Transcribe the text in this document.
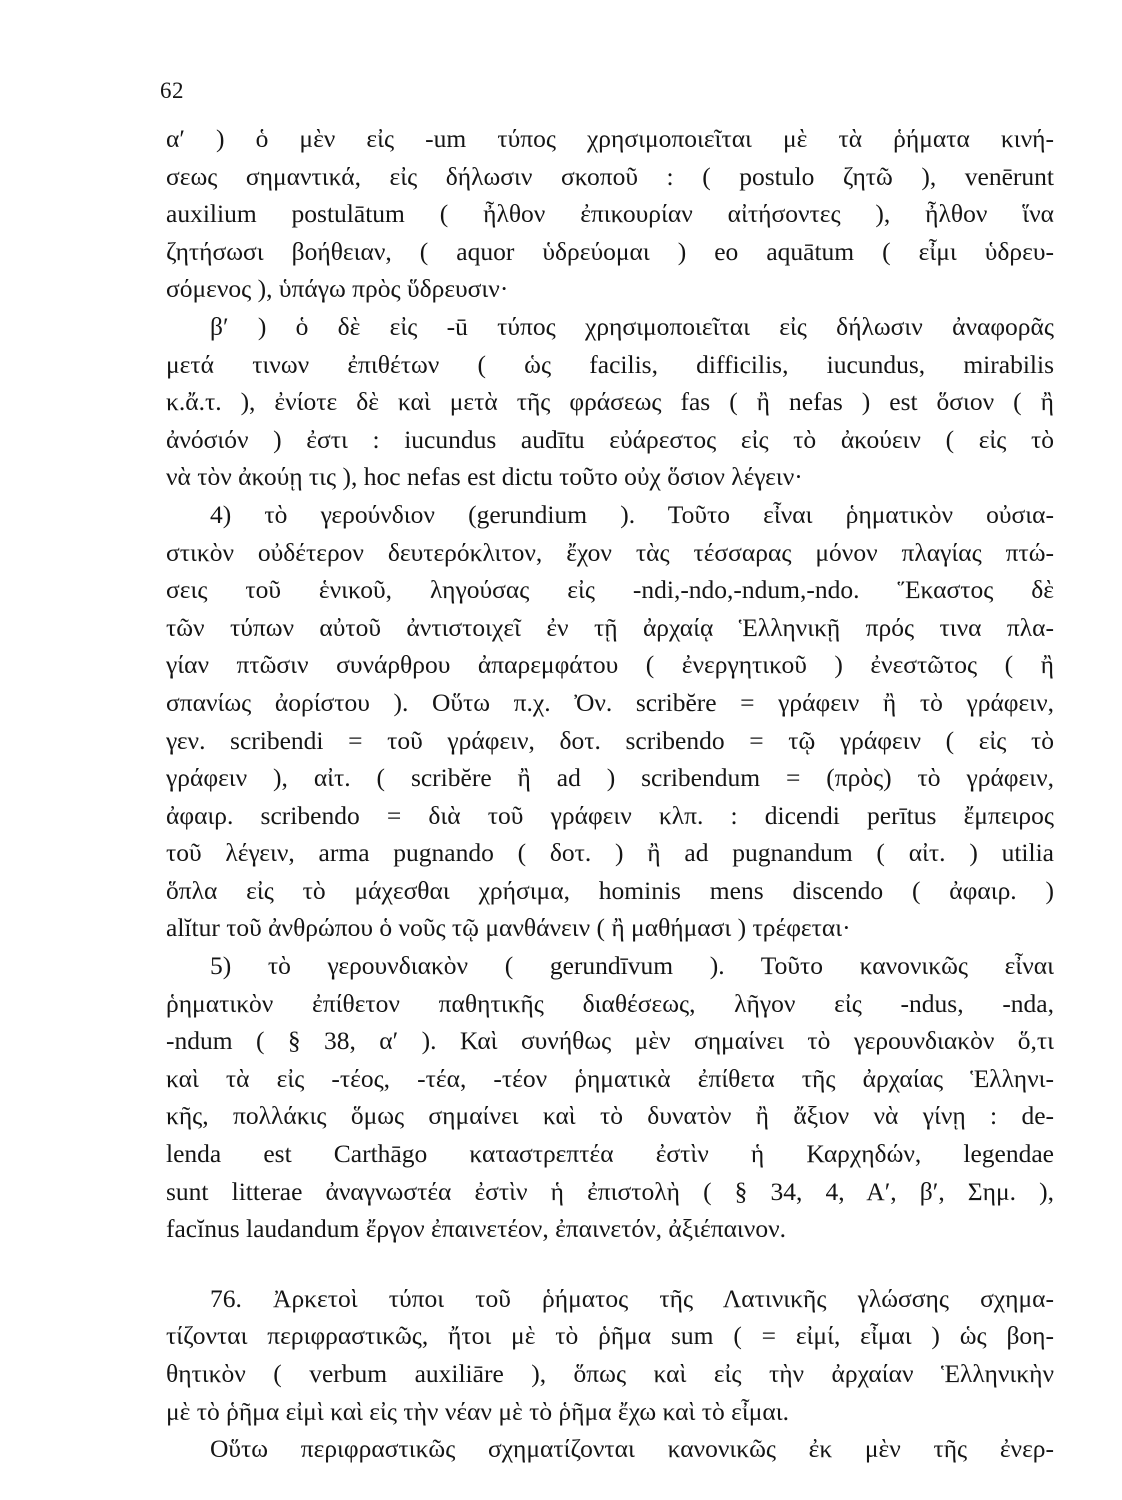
62
α′ ) ὁ μὲν εἰς -um τύπος χρησιμοποιεῖται μὲ τὰ ῥήματα κινή-
σεως σημαντικά, εἰς δήλωσιν σκοποῦ : ( postulo ζητῶ ), venērunt
auxilium postulātum ( ἦλθον ἐπικουρίαν αἰτήσοντες ), ἦλθον ἵνα
ζητήσωσι βοήθειαν, ( aquor ὑδρεύομαι ) eo aquātum ( εἶμι ὑδρευ-
σόμενος ), ὑπάγω πρὸς ὕδρευσιν·
β′ ) ὁ δὲ εἰς -ū τύπος χρησιμοποιεῖται εἰς δήλωσιν ἀναφορᾶς
μετά τινων ἐπιθέτων ( ὡς facilis, difficilis, iucundus, mirabilis
κ.ἄ.τ. ), ἐνίοτε δὲ καὶ μετὰ τῆς φράσεως fas ( ἢ nefas ) est ὅσιον ( ἢ
ἀνόσιόν ) ἐστι : iucundus audītu εὐάρεστος εἰς τὸ ἀκούειν ( εἰς τὸ
νὰ τὸν ἀκούῃ τις ), hoc nefas est dictu τοῦτο οὐχ ὅσιον λέγειν·
4) τὸ γερούνδιον (gerundium ). Τοῦτο εἶναι ῥηματικὸν οὐσια-
στικὸν οὐδέτερον δευτερόκλιτον, ἔχον τὰς τέσσαρας μόνον πλαγίας πτώ-
σεις τοῦ ἑνικοῦ, ληγούσας εἰς -ndi,-ndo,-ndum,-ndo. Ἕκαστος δὲ
τῶν τύπων αὐτοῦ ἀντιστοιχεῖ ἐν τῇ ἀρχαίᾳ Ἑλληνικῇ πρός τινα πλα-
γίαν πτῶσιν συνάρθρου ἀπαρεμφάτου ( ἐνεργητικοῦ ) ἐνεστῶτος ( ἢ
σπανίως ἀορίστου ). Οὕτω π.χ. Ὀν. scribĕre = γράφειν ἢ τὸ γράφειν,
γεν. scribendi = τοῦ γράφειν, δοτ. scribendo = τῷ γράφειν ( εἰς τὸ
γράφειν ), αἰτ. ( scribĕre ἢ ad ) scribendum = (πρὸς) τὸ γράφειν,
ἀφαιρ. scribendo = διὰ τοῦ γράφειν κλπ. : dicendi perītus ἔμπειρος
τοῦ λέγειν, arma pugnando ( δοτ. ) ἢ ad pugnandum ( αἰτ. ) utilia
ὅπλα εἰς τὸ μάχεσθαι χρήσιμα, hominis mens discendo ( ἀφαιρ. )
alĭtur τοῦ ἀνθρώπου ὁ νοῦς τῷ μανθάνειν ( ἢ μαθήμασι ) τρέφεται·
5) τὸ γερουνδιακὸν ( gerundīvum ). Τοῦτο κανονικῶς εἶναι
ῥηματικὸν ἐπίθετον παθητικῆς διαθέσεως, λῆγον εἰς -ndus, -nda,
-ndum ( § 38, α′ ). Καὶ συνήθως μὲν σημαίνει τὸ γερουνδιακὸν ὅ,τι
καὶ τὰ εἰς -τέος, -τέα, -τέον ῥηματικὰ ἐπίθετα τῆς ἀρχαίας Ἑλληνι-
κῆς, πολλάκις ὅμως σημαίνει καὶ τὸ δυνατὸν ἢ ἄξιον νὰ γίνῃ : de-
lenda est Carthāgo καταστρεπτέα ἐστὶν ἡ Καρχηδών, legendae
sunt litterae ἀναγνωστέα ἐστὶν ἡ ἐπιστολὴ ( § 34, 4, Α′, β′, Σημ. ),
facĭnus laudandum ἔργον ἐπαινετέον, ἐπαινετόν, ἀξιέπαινον.
76. Ἀρκετοὶ τύποι τοῦ ῥήματος τῆς Λατινικῆς γλώσσης σχημα-
τίζονται περιφραστικῶς, ἤτοι μὲ τὸ ῥῆμα sum ( = εἰμί, εἶμαι ) ὡς βοη-
θητικὸν ( verbum auxiliāre ), ὅπως καὶ εἰς τὴν ἀρχαίαν Ἑλληνικὴν
μὲ τὸ ῥῆμα εἰμὶ καὶ εἰς τὴν νέαν μὲ τὸ ῥῆμα ἔχω καὶ τὸ εἶμαι.
Οὕτω περιφραστικῶς σχηματίζονται κανονικῶς ἐκ μὲν τῆς ἐνερ-
